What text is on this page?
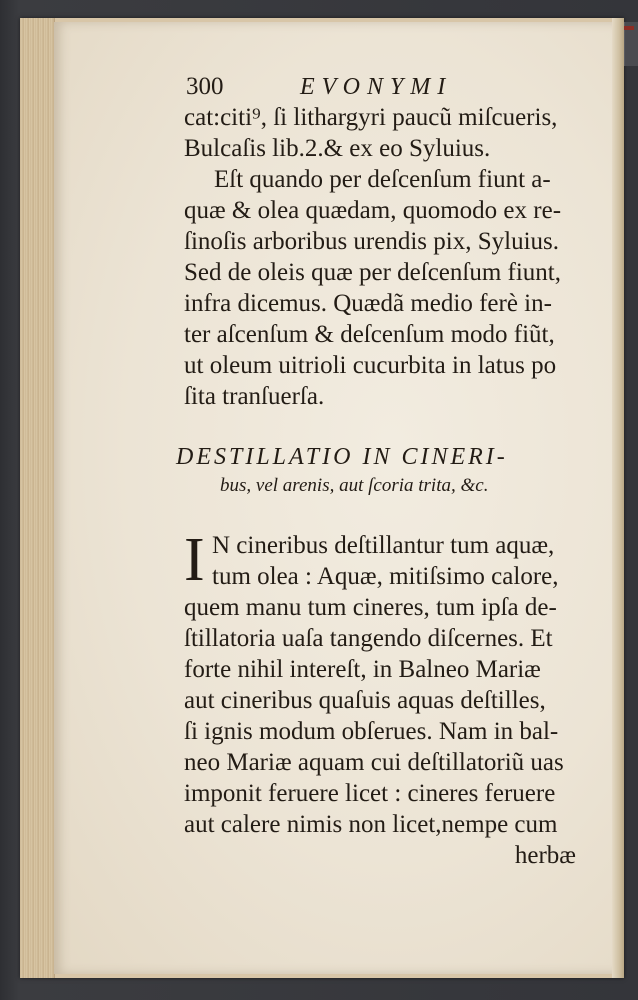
300	EVONYMI
cat:citi⁹, ſi lithargyri paucũ miſcueris,
Bulcaſis lib.2.& ex eo Syluius.
Eſt quando per deſcenſum fiunt a-
quæ & olea quædam, quomodo ex re-
ſinoſis arboribus urendis pix, Syluius.
Sed de oleis quæ per deſcenſum fiunt,
infra dicemus. Quædã medio ferè in-
ter aſcenſum & deſcenſum modo fiũt,
ut oleum uitrioli cucurbita in latus po
ſita tranſuerſa.
DESTILLATIO IN CINERI-
bus, vel arenis, aut ſcoria trita, &c.
I N cineribus deſtillantur tum aquæ,
tum olea : Aquæ, mitiſsimo calore,
quem manu tum cineres, tum ipſa de-
ſtillatoria uaſa tangendo diſcernes. Et
forte nihil intereſt, in Balneo Mariæ
aut cineribus quaſuis aquas deſtilles,
ſi ignis modum obſerues. Nam in bal-
neo Mariæ aquam cui deſtillatoriũ uas
imponit feruere licet : cineres feruere
aut calere nimis non licet,nempe cum
herbæ
